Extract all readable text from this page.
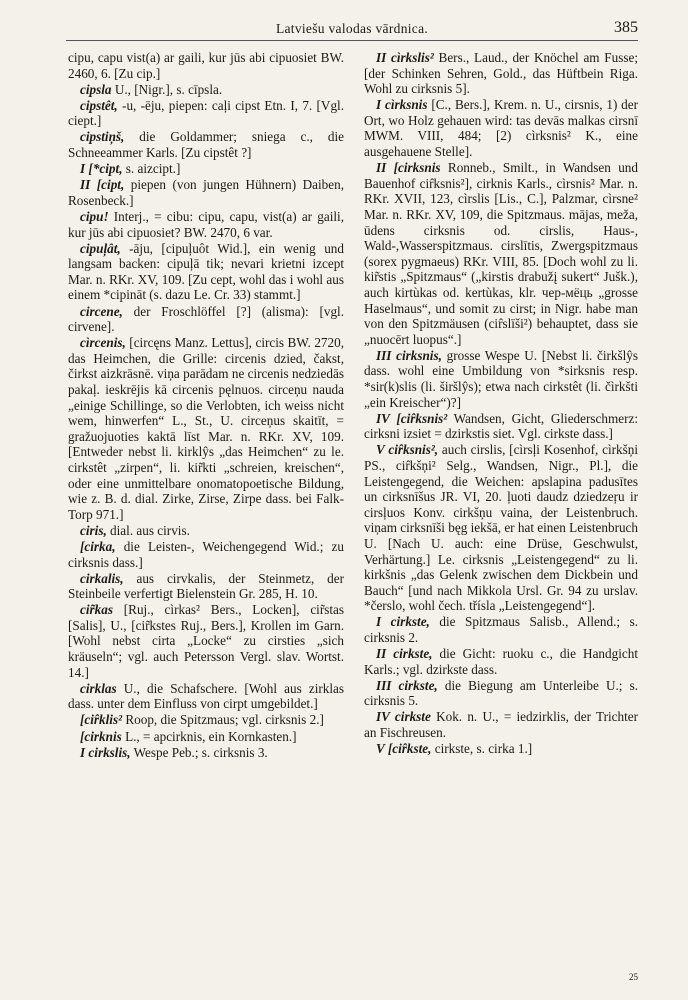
Latviešu valodas vārdnica.	385

cipu, capu vist(a) ar gaili, kur jūs abi cipuosiet BW. 2460, 6. [Zu cip.]

cipsla U., [Nigr.], s. cīpsla.

cipstêt, -u, -ēju, piepen: caļi cipst Etn. I, 7. [Vgl. ciept.]

cipstiņš, die Goldammer; sniega c., die Schneeammer Karls. [Zu cipstêt ?]

I [*cipt, s. aizcipt.]

II [cipt, piepen (von jungen Hühnern) Daiben, Rosenbeck.]

cipu! Interj., = cibu: cipu, capu, vist(a) ar gaili, kur jūs abi cipuosiet? BW. 2470, 6 var.

cipuļât, -āju, [cipuļuôt Wid.], ein wenig und langsam backen: cipuļā tik; nevari krietni izcept Mar. n. RKr. XV, 109. [Zu cept, wohl das i wohl aus einem *cipināt (s. dazu Le. Cr. 33) stammt.]

circene, der Froschlöffel [?] (alisma): [vgl. cirvene].

cìrcenis, [circęns Manz. Lettus], circis BW. 2720, das Heimchen, die Grille: circenis dzied, čakst, čirkst aizkrāsnē. viņa parādam ne circenis nedziedās pakaļ. ieskrējis kā circenis pęlnuos. circeņu nauda „einige Schillinge, so die Verlobten, ich weiss nicht wem, hinwerfen“ L., St., U. circeņus skaitīt, = gražuojuoties kaktā līst Mar. n. RKr. XV, 109. [Entweder nebst li. kirklŷs „das Heimchen“ zu le. cirkstêt „zirpen“, li. kir̃kti „schreien, kreischen“, oder eine unmittelbare onomatopoetische Bildung, wie z. B. d. dial. Zirke, Zirse, Zirpe dass. bei Falk-Torp 971.]

ciris, dial. aus cirvis.

[cirka, die Leisten-, Weichengegend Wid.; zu cirksnis dass.]

cirkalis, aus cirvkalis, der Steinmetz, der Steinbeile verfertigt Bielenstein Gr. 285, H. 10.

cir̃kas [Ruj., cìrkas² Bers., Locken], cir̃stas [Salis], U., [cir̃kstes Ruj., Bers.], Krollen im Garn. [Wohl nebst cirta „Locke“ zu cirsties „sich kräuseln“; vgl. auch Petersson Vergl. slav. Wortst. 14.]

cirklas U., die Schafschere. [Wohl aus zirklas dass. unter dem Einfluss von cirpt umgebildet.]

[cir̂klis² Roop, die Spitzmaus; vgl. cirksnis 2.]

[cirknis L., = apcirknis, ein Kornkasten.]

I cirkslis, Wespe Peb.; s. cirksnis 3.

II cìrkslis² Bers., Laud., der Knöchel am Fusse; [der Schinken Sehren, Gold., das Hüftbein Riga. Wohl zu cirksnis 5].

I cìrksnis [C., Bers.], Krem. n. U., cirsnis, 1) der Ort, wo Holz gehauen wird: tas devās malkas cirsnī MWM. VIII, 484; [2) cìrksnis² K., eine ausgehauene Stelle].

II [cirksnis Ronneb., Smilt., in Wandsen und Bauenhof cir̂ksnis²], cirknis Karls., cìrsnis² Mar. n. RKr. XVII, 123, cìrslis [Lis., C.], Palzmar, cìrsne² Mar. n. RKr. XV, 109, die Spitzmaus. mājas, meža, ūdens cirksnis od. cirslis, Haus-, Wald-,Wasserspitzmaus. cirslītis, Zwergspitzmaus (sorex pygmaeus) RKr. VIII, 85. [Doch wohl zu li. kir̃stis „Spitzmaus“ („kirstis drabužį sukert“ Jušk.), auch kirtùkas od. kertùkas, klr. чер-мёць „grosse Haselmaus“, und somit zu cirst; in Nigr. habe man von den Spitzmäusen (cir̂slīši²) behauptet, dass sie „nuocērt luopus“.]

III cirksnis, grosse Wespe U. [Nebst li. čirkšlŷs dass. wohl eine Umbildung von *sirksnis resp. *sir(k)slis (li. širšlŷs); etwa nach cirkstêt (li. čìrkšti „ein Kreischer“)?]

IV [cir̂ksnis² Wandsen, Gicht, Gliederschmerz: cirksni izsiet = dzirkstis siet. Vgl. cirkste dass.]

V cir̂ksnis², auch cirslis, [cìrsļi Kosenhof, cìrkšņi PS., cir̂kšņi² Selg., Wandsen, Nigr., Pl.], die Leistengegend, die Weichen: apslapina padusītes un cirksnīšus JR. VI, 20. ļuoti daudz dziedzeŗu ir cirsļuos Konv. cirkšņu vaina, der Leistenbruch. viņam cirksnīši bęg iekšā, er hat einen Leistenbruch U. [Nach U. auch: eine Drüse, Geschwulst, Verhärtung.] Le. cirksnis „Leistengegend“ zu li. kirkšnis „das Gelenk zwischen dem Dickbein und Bauch“ [und nach Mikkola Ursl. Gr. 94 zu urslav. *čerslo, wohl čech. třísla „Leistengegend“].

I cirkste, die Spitzmaus Salisb., Allend.; s. cirksnis 2.

II cirkste, die Gicht: ruoku c., die Handgicht Karls.; vgl. dzirkste dass.

III cirkste, die Biegung am Unterleibe U.; s. cirksnis 5.

IV cirkste Kok. n. U., = iedzirklis, der Trichter an Fischreusen.

V [cir̂kste, cirkste, s. cirka 1.]

25
